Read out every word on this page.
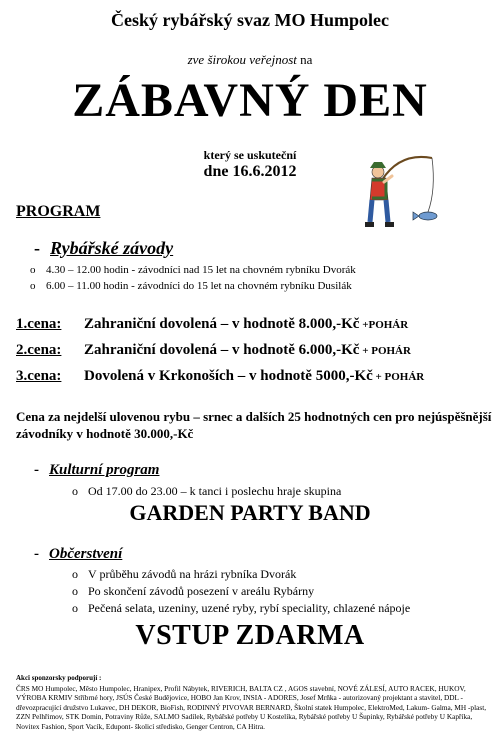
Český rybářský svaz MO Humpolec
zve širokou veřejnost na
ZÁBAVNÝ DEN
který se uskuteční
dne 16.6.2012
PROGRAM
- Rybářské závody
o 4.30 – 12.00 hodin - závodníci nad 15 let na chovném rybníku Dvorák
o 6.00 – 11.00 hodin - závodníci do 15 let na chovném rybníku Dusilák
1.cena: Zahraniční dovolená – v hodnotě 8.000,-Kč +POHÁR
2.cena: Zahraniční dovolená – v hodnotě 6.000,-Kč + POHÁR
3.cena: Dovolená v Krkonoších – v hodnotě 5000,-Kč + POHÁR
Cena za nejdelší ulovenou rybu – srnec a dalších 25 hodnotných cen pro nejúspěšnější závodníky v hodnotě 30.000,-Kč
- Kulturní program
o Od 17.00 do 23.00 – k tanci i poslechu hraje skupina
GARDEN PARTY BAND
- Občerstvení
o V průběhu závodů na hrázi rybníka Dvorák
o Po skončení závodů posezení v areálu Rybárny
o Pečená selata, uzeniny, uzené ryby, rybí speciality, chlazené nápoje
VSTUP ZDARMA
Akci sponzorsky podporují :
ČRS MO Humpolec, Město Humpolec, Hranipex, Profil Nábytek, RIVERICH, BALTA CZ , AGOS stavební, NOVÉ ZÁLESÍ, AUTO RACEK, HUKOV, VÝROBA KRMIV Stříbrné hory, JSÚS České Budějovice, HOBO Jan Krov, INSIA - ADORES, Josef Mrňka - autorizovaný projektant a stavitel, DDL - dřevozpracující družstvo Lukavec, DH DEKOR, BioFish, RODINNÝ PIVOVAR BERNARD, Školní statek Humpolec, ElektroMed, Lakum- Galma, MH -plast, ZZN Pelhřimov, STK Domin, Potraviny Růže, SALMO Sadílek, Rybářské potřeby U Kostelíka, Rybářské potřeby U Šupinky, Rybářské potřeby U Kapříka, Novitex Fashion, Sport Vacík, Edupont- školicí středisko, Genger Centron, CA Hitra.
